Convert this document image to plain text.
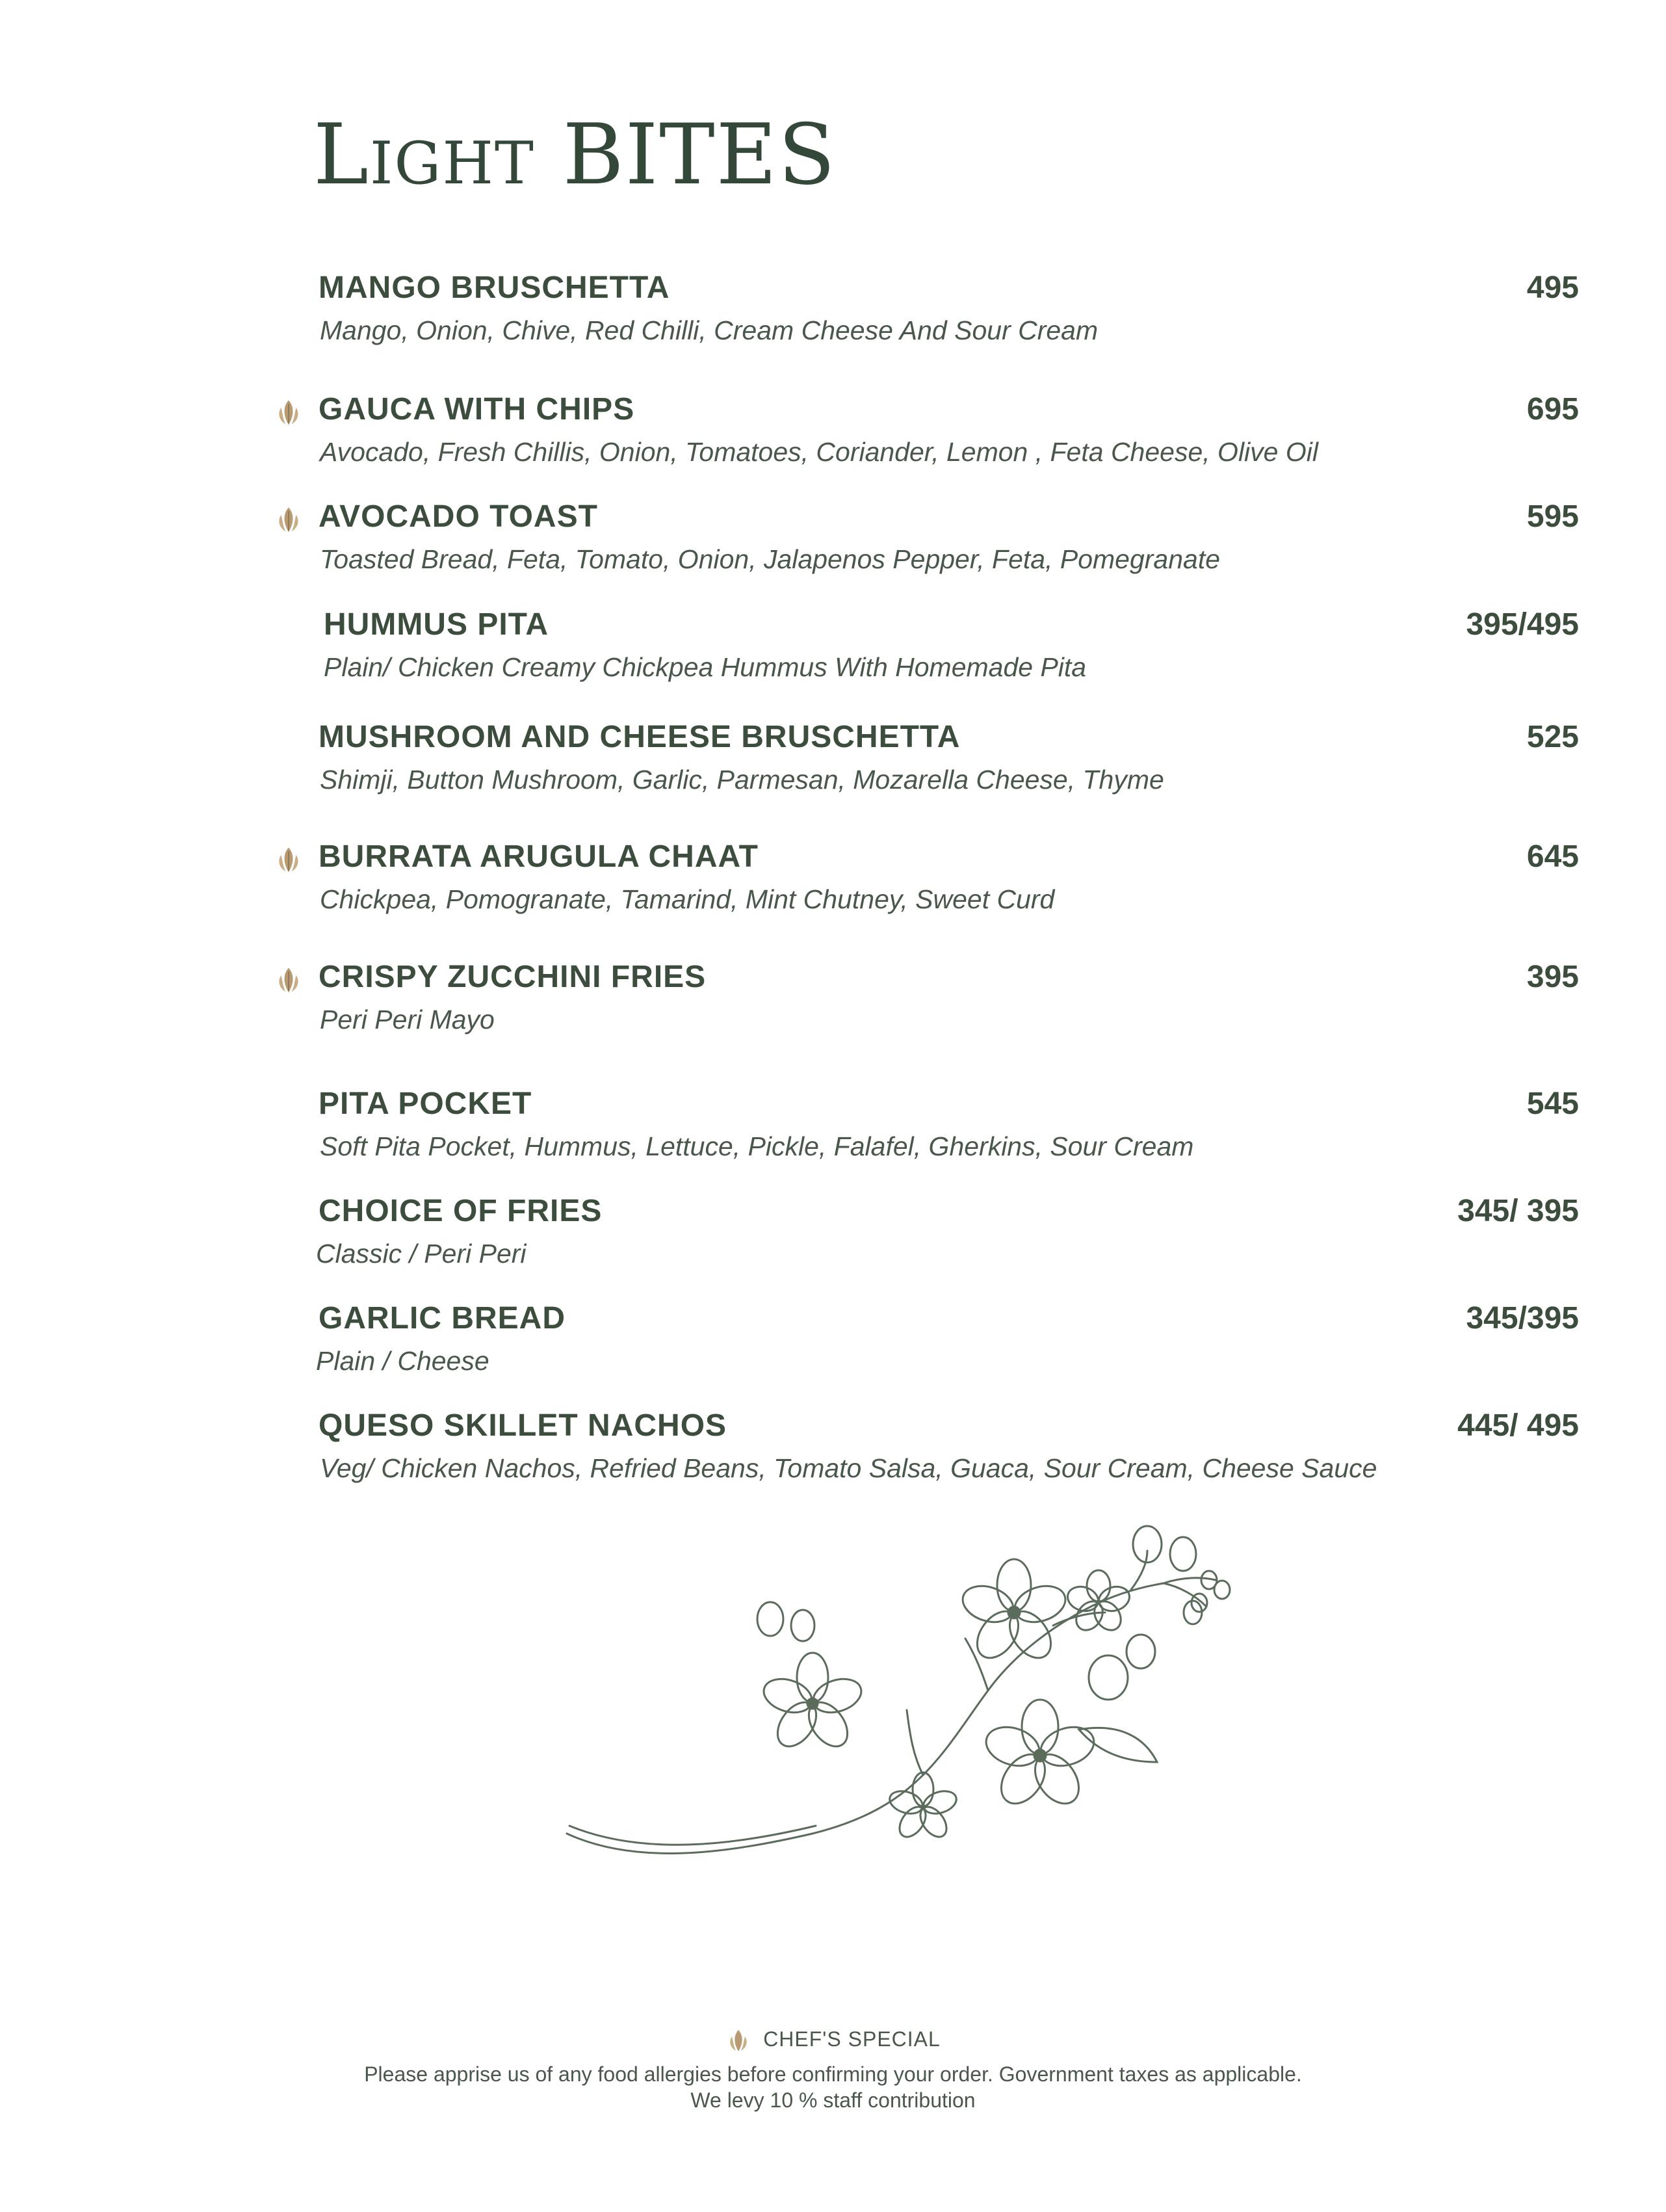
Light BITES
MANGO BRUSCHETTA	495
Mango, Onion, Chive, Red Chilli, Cream Cheese And Sour Cream
GAUCA WITH CHIPS	695
Avocado, Fresh Chillis, Onion, Tomatoes, Coriander, Lemon , Feta Cheese, Olive Oil
AVOCADO TOAST	595
Toasted Bread, Feta, Tomato, Onion, Jalapenos Pepper, Feta, Pomegranate
HUMMUS PITA	395/495
Plain/ Chicken Creamy Chickpea Hummus With Homemade Pita
MUSHROOM AND CHEESE BRUSCHETTA	525
Shimji, Button Mushroom, Garlic, Parmesan, Mozarella Cheese, Thyme
BURRATA ARUGULA CHAAT	645
Chickpea, Pomogranate, Tamarind, Mint Chutney, Sweet Curd
CRISPY ZUCCHINI FRIES	395
Peri Peri Mayo
PITA POCKET	545
Soft Pita Pocket, Hummus, Lettuce, Pickle, Falafel, Gherkins, Sour Cream
CHOICE OF FRIES	345/ 395
Classic / Peri Peri
GARLIC BREAD	345/395
Plain / Cheese
QUESO SKILLET NACHOS	445/ 495
Veg/ Chicken Nachos, Refried Beans, Tomato Salsa, Guaca, Sour Cream, Cheese Sauce
CHEF'S SPECIAL
Please apprise us of any food allergies before confirming your order. Government taxes as applicable.
We levy 10 % staff contribution
